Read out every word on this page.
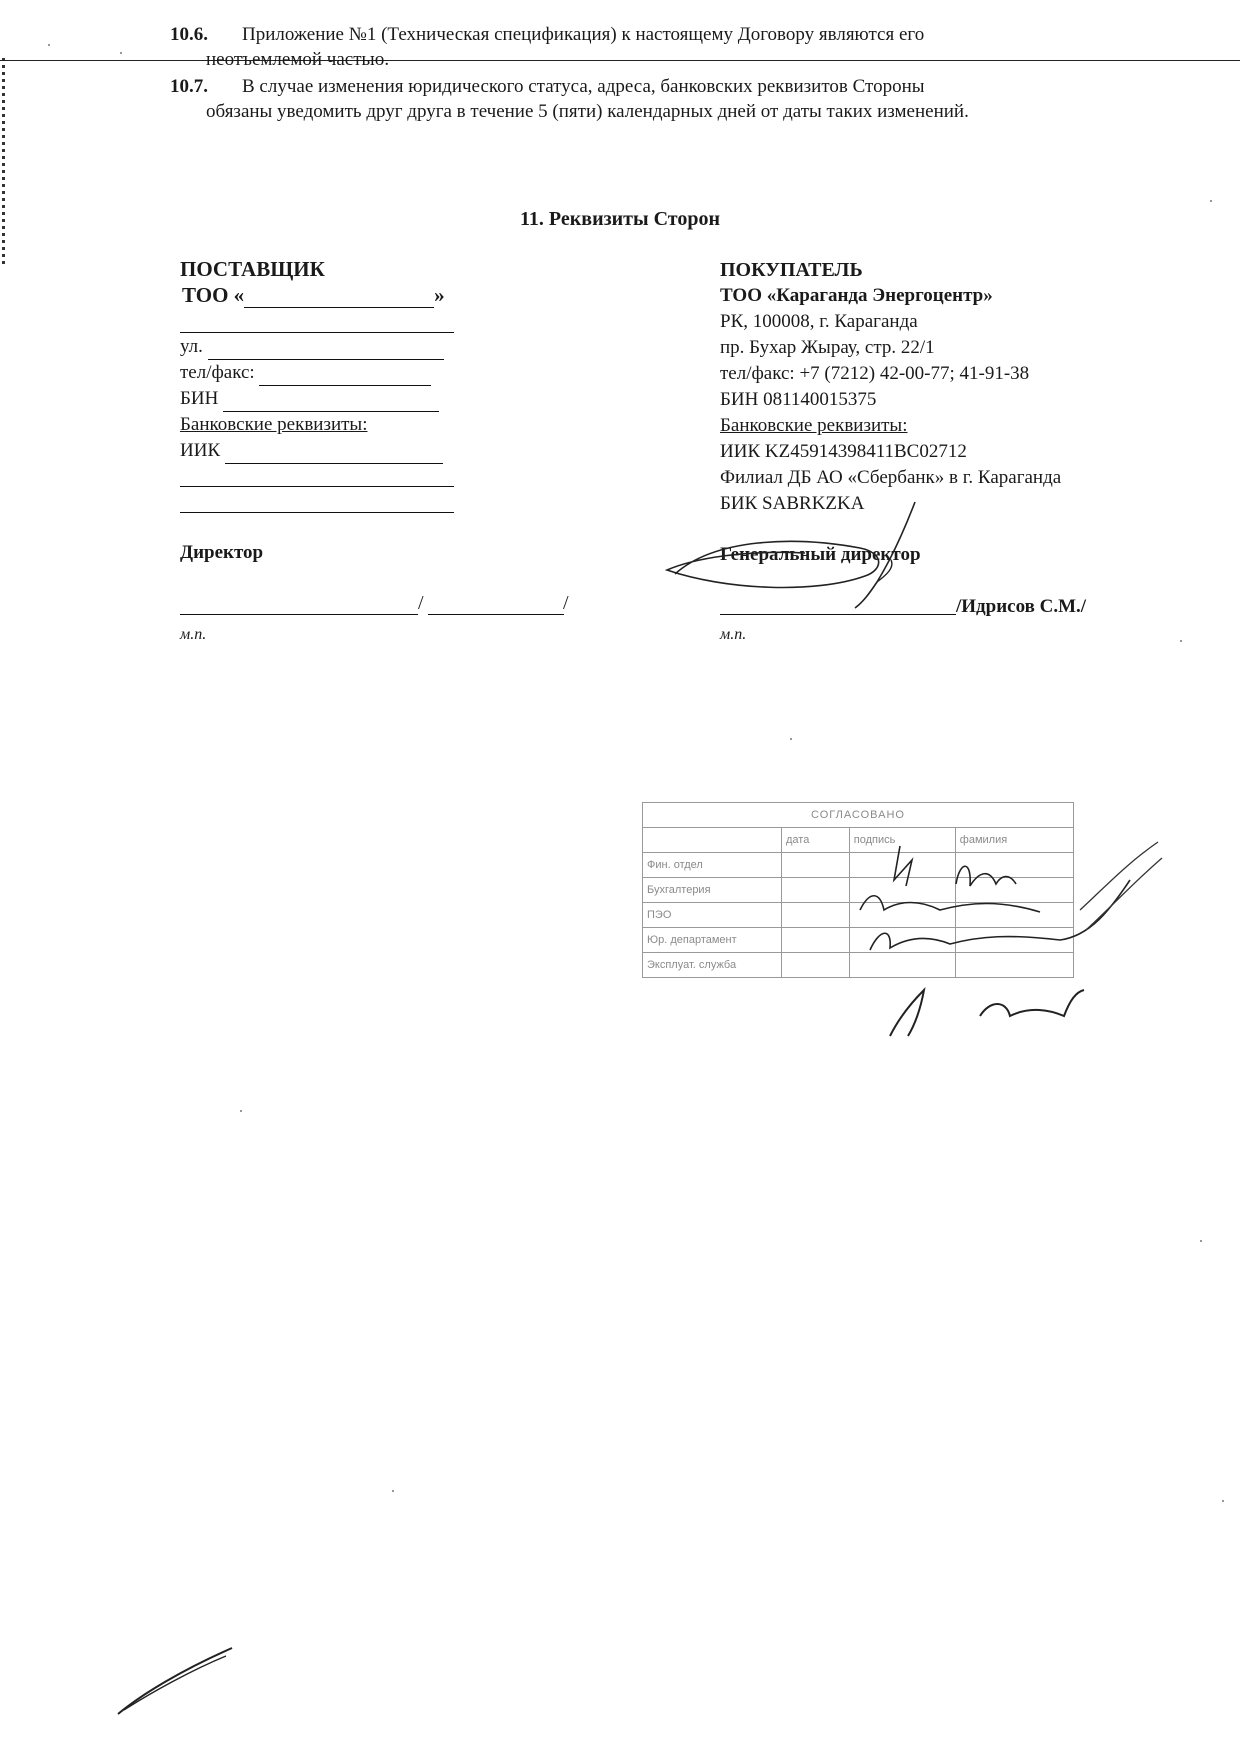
10.6. Приложение №1 (Техническая спецификация) к настоящему Договору являются его
неотъемлемой частью.
10.7. В случае изменения юридического статуса, адреса, банковских реквизитов Стороны
обязаны уведомить друг друга в течение 5 (пяти) календарных дней от даты таких изменений.
11. Реквизиты Сторон
ПОСТАВЩИК
ТОО «	»
ул.
тел/факс:
БИН
Банковские реквизиты:
ИИК
Директор
/	/
м.п.
ПОКУПАТЕЛЬ
ТОО «Караганда Энергоцентр»
РК, 100008, г. Караганда
пр. Бухар Жырау, стр. 22/1
тел/факс: +7 (7212) 42-00-77; 41-91-38
БИН 081140015375
Банковские реквизиты:
ИИК KZ45914398411BC02712
Филиал ДБ АО «Сбербанк» в г. Караганда
БИК SABRKZKA
Генеральный директор
/Идрисов С.М./
м.п.
СОГЛАСОВАНО			
	дата	подпись	фамилия
Фин. отдел			
Бухгалтерия			
ПЭО			
Юр. департамент			
Эксплуат. служба			
